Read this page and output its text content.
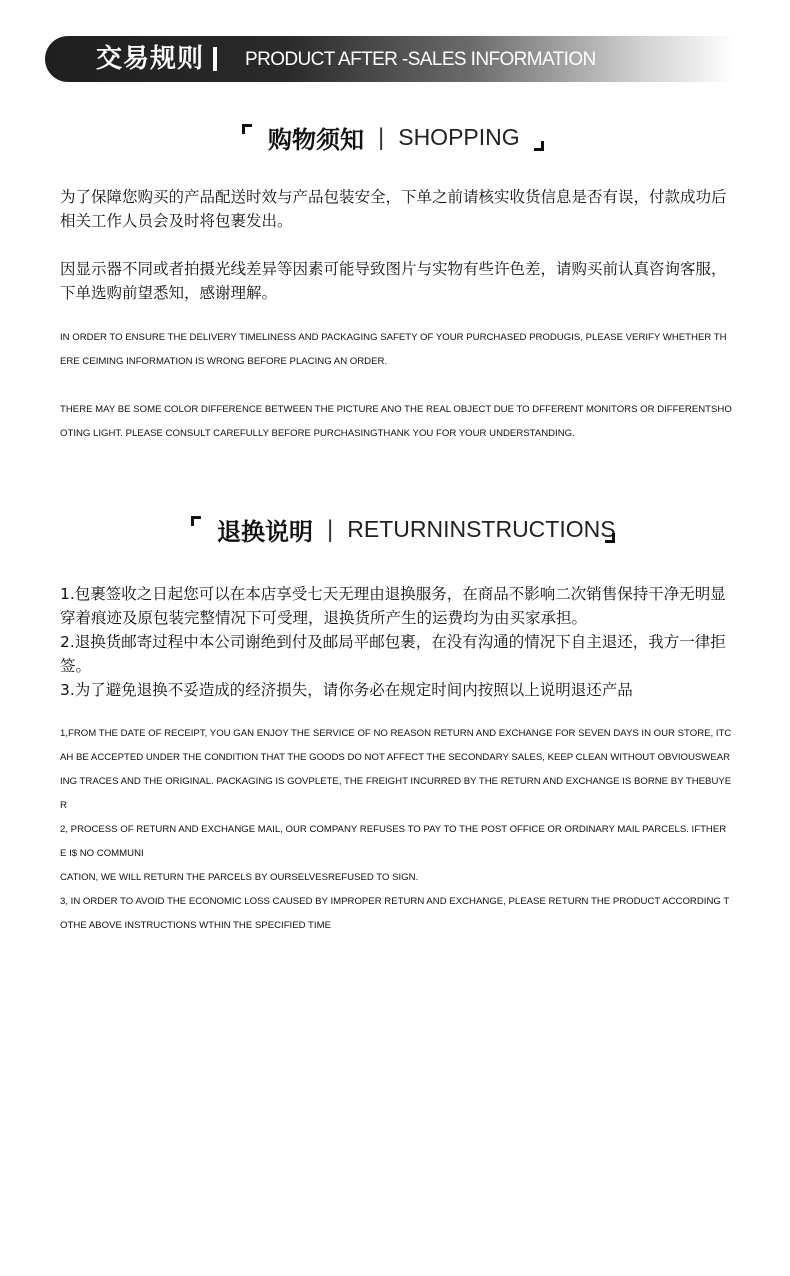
交易规则 PRODUCT AFTER -SALES INFORMATION
购物须知 | SHOPPING
为了保障您购买的产品配送时效与产品包装安全，下单之前请核实收货信息是否有误，付款成功后相关工作人员会及时将包裹发出。
因显示器不同或者拍摄光线差异等因素可能导致图片与实物有些许色差，请购买前认真咨询客服，下单选购前望悉知，感谢理解。
IN ORDER TO ENSURE THE DELIVERY TIMELINESS AND PACKAGING SAFETY OF YOUR PURCHASED PRODUGIS, PLEASE VERIFY WHETHER THERE CEIMING INFORMATION IS WRONG BEFORE PLACING AN ORDER.
THERE MAY BE SOME COLOR DIFFERENCE BETWEEN THE PICTURE ANO THE REAL OBJECT DUE TO DFFERENT MONITORS OR DIFFERENTSHOOTING LIGHT. PLEASE CONSULT CAREFULLY BEFORE PURCHASINGTHANK YOU FOR YOUR UNDERSTANDING.
退换说明 | RETURNINSTRUCTIONS
1.包裹签收之日起您可以在本店享受七天无理由退换服务，在商品不影响二次销售保持干净无明显穿着痕迹及原包装完整情况下可受理，退换货所产生的运费均为由买家承担。
2.退换货邮寄过程中本公司谢绝到付及邮局平邮包裹，在没有沟通的情况下自主退还，我方一律拒签。
3.为了避免退换不妥造成的经济损失，请你务必在规定时间内按照以上说明退还产品
1,FROM THE DATE OF RECEIPT, YOU GAN ENJOY THE SERVICE OF NO REASON RETURN AND EXCHANGE FOR SEVEN DAYS IN OUR STORE, ITCAH BE ACCEPTED UNDER THE CONDITION THAT THE GOODS DO NOT AFFECT THE SECONDARY SALES, KEEP CLEAN WITHOUT OBVIOUSWEARING TRACES AND THE ORIGINAL. PACKAGING IS GOVPLETE, THE FREIGHT INCURRED BY THE RETURN AND EXCHANGE IS BORNE BY THEBUYER
2, PROCESS OF RETURN AND EXCHANGE MAIL, OUR COMPANY REFUSES TO PAY TO THE POST OFFICE OR ORDINARY MAIL PARCELS. IFTHERE I$ NO COMMUNI
CATION, WE WILL RETURN THE PARCELS BY OURSELVESREFUSED TO SIGN.
3, IN ORDER TO AVOID THE ECONOMIC LOSS CAUSED BY IMPROPER RETURN AND EXCHANGE, PLEASE RETURN THE PRODUCT ACCORDING TOTHE ABOVE INSTRUCTIONS WTHIN THE SPECIFIED TIME
